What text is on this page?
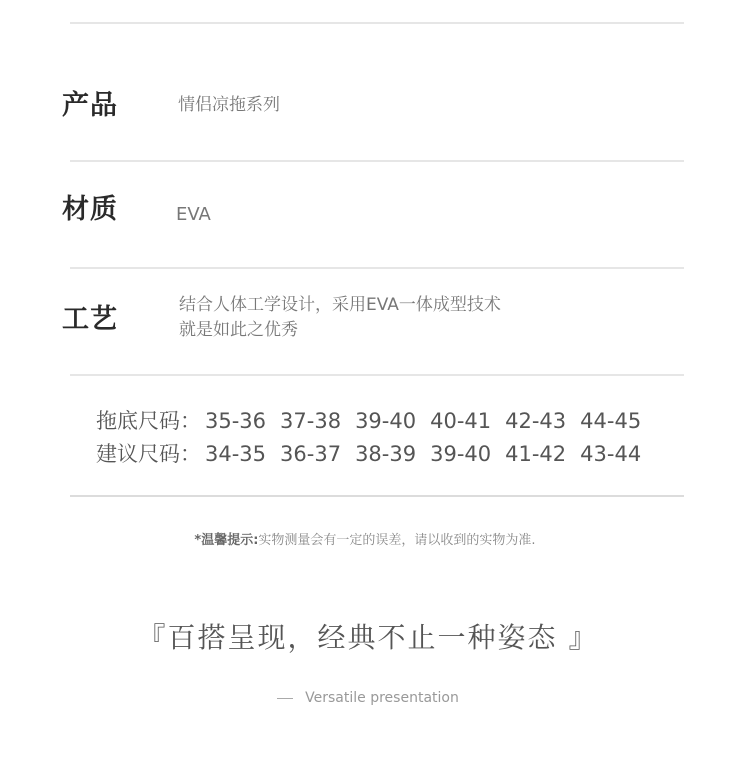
产品	情侣凉拖系列
材质	EVA
工艺	结合人体工学设计，采用EVA一体成型技术
就是如此之优秀
拖底尺码： 35-36 37-38 39-40 40-41 42-43 44-45
建议尺码： 34-35 36-37 38-39 39-40 41-42 43-44
*温馨提示:实物测量会有一定的误差，请以收到的实物为准.
『百搭呈现，经典不止一种姿态 』
Versatile presentation
